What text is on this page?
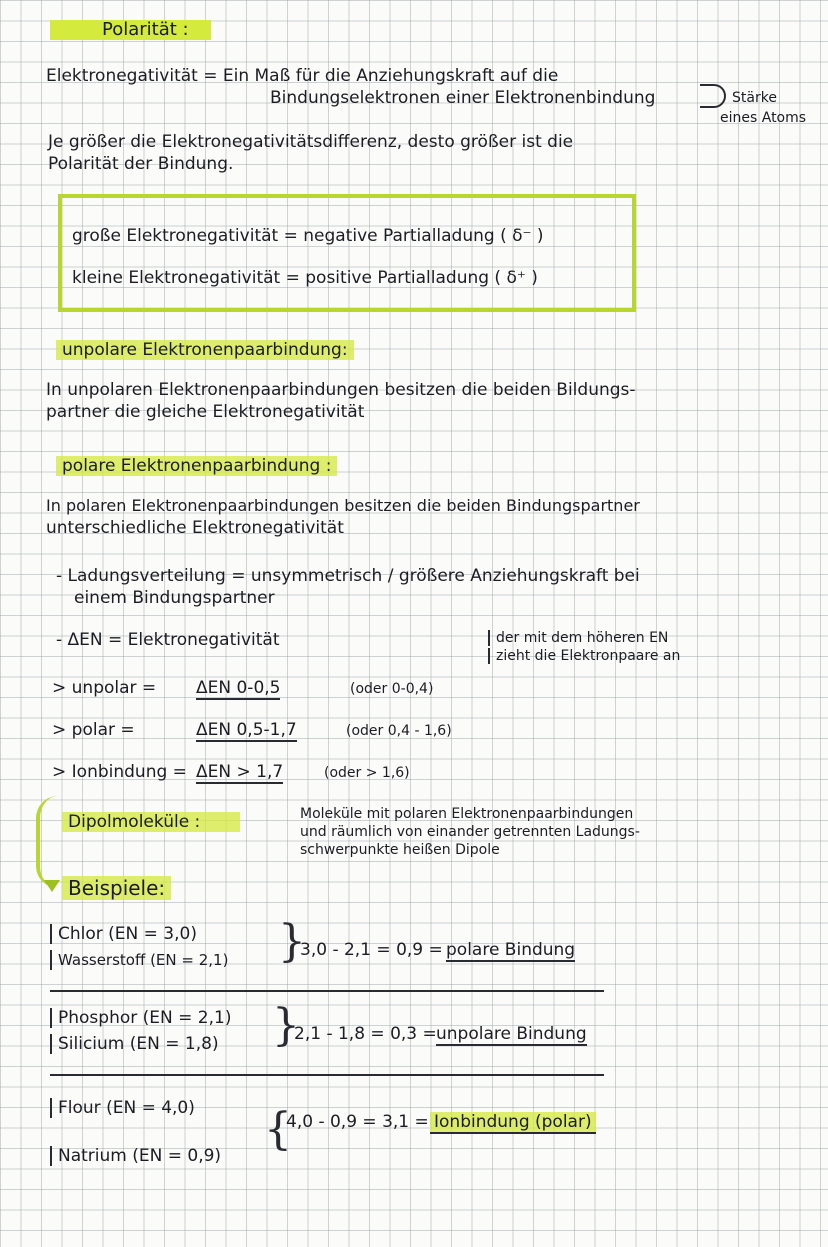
Polarität :
Elektronegativität = Ein Maß für die Anziehungskraft auf die
Bindungselektronen einer Elektronenbindung	Stärke
eines Atoms
Je größer die Elektronegativitätsdifferenz, desto größer ist die
Polarität der Bindung.
große Elektronegativität = negative Partialladung ( δ⁻ )
kleine Elektronegativität = positive Partialladung ( δ⁺ )
unpolare Elektronenpaarbindung:
In unpolaren Elektronenpaarbindungen besitzen die beiden Bildungs-
partner die gleiche Elektronegativität
polare Elektronenpaarbindung :
In polaren Elektronenpaarbindungen besitzen die beiden Bindungspartner
unterschiedliche Elektronegativität
- Ladungsverteilung = unsymmetrisch / größere Anziehungskraft bei
einem Bindungspartner
- ΔEN = Elektronegativität	der mit dem höheren EN
zieht die Elektronpaare an
> unpolar = ΔEN 0-0,5	(oder 0-0,4)
> polar =	ΔEN 0,5-1,7	(oder 0,4 - 1,6)
> Ionbindung = ΔEN > 1,7	(oder > 1,6)
Dipolmoleküle :	Moleküle mit polaren Elektronenpaarbindungen
und räumlich von einander getrennten Ladungs-
schwerpunkte heißen Dipole
Beispiele:
Chlor (EN = 3,0)
Wasserstoff (EN = 2,1) }
3,0 - 2,1 = 0,9 = polare Bindung
Phosphor (EN = 2,1)
Silicium (EN = 1,8) }
2,1 - 1,8 = 0,3 = unpolare Bindung
Flour (EN = 4,0)
Natrium (EN = 0,9)
{
4,0 - 0,9 = 3,1 = Ionbindung (polar)
